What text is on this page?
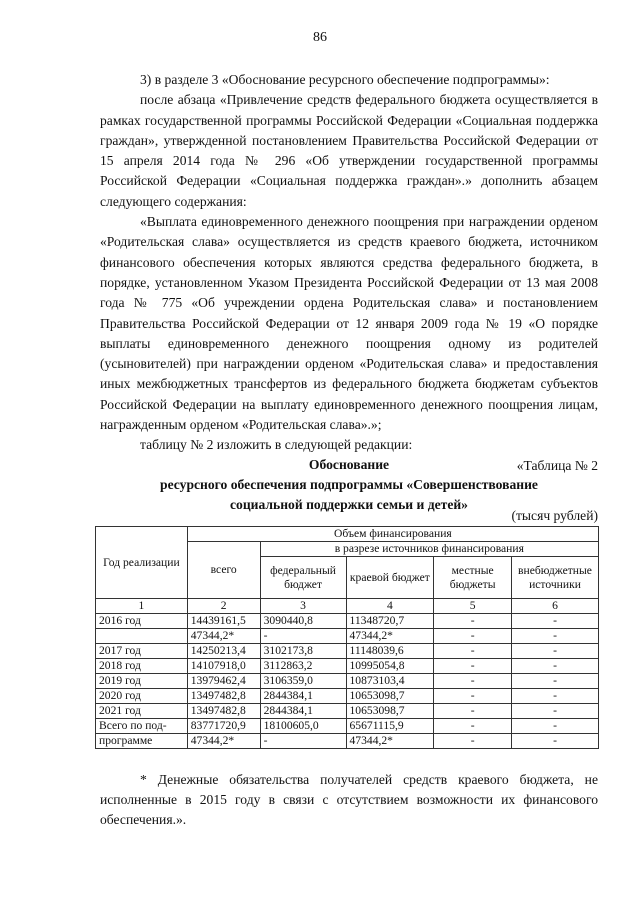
86

3) в разделе 3 «Обоснование ресурсного обеспечение подпрограммы»:

после абзаца «Привлечение средств федерального бюджета осуществляется в рамках государственной программы Российской Федерации «Социальная поддержка граждан», утвержденной постановлением Правительства Российской Федерации от 15 апреля 2014 года № 296 «Об утверждении государственной программы Российской Федерации «Социальная поддержка граждан».» дополнить абзацем следующего содержания:

«Выплата единовременного денежного поощрения при награждении орденом «Родительская слава» осуществляется из средств краевого бюджета, источником финансового обеспечения которых являются средства федерального бюджета, в порядке, установленном Указом Президента Российской Федерации от 13 мая 2008 года № 775 «Об учреждении ордена Родительская слава» и постановлением Правительства Российской Федерации от 12 января 2009 года № 19 «О порядке выплаты единовременного денежного поощрения одному из родителей (усыновителей) при награждении орденом «Родительская слава» и предоставления иных межбюджетных трансфертов из федерального бюджета бюджетам субъектов Российской Федерации на выплату единовременного денежного поощрения лицам, награжденным орденом «Родительская слава».»;

таблицу № 2 изложить в следующей редакции:

«Таблица № 2

Обоснование
ресурсного обеспечения подпрограммы «Совершенствование
социальной поддержки семьи и детей»
(тысяч рублей)
Год реализации	Объем финансирования				
	всего	в разрезе источников финансирования			
		федеральный бюджет	краевой бюджет	местные бюджеты	внебюджетные источники
1	2	3	4	5	6
2016 год	14439161,5	3090440,8	11348720,7	-	-
	47344,2*	-	47344,2*	-	-
2017 год	14250213,4	3102173,8	11148039,6	-	-
2018 год	14107918,0	3112863,2	10995054,8	-	-
2019 год	13979462,4	3106359,0	10873103,4	-	-
2020 год	13497482,8	2844384,1	10653098,7	-	-
2021 год	13497482,8	2844384,1	10653098,7	-	-
Всего по под-	83771720,9	18100605,0	65671115,9	-	-
программе	47344,2*	-	47344,2*	-	-

* Денежные обязательства получателей средств краевого бюджета, не исполненные в 2015 году в связи с отсутствием возможности их финансового обеспечения.».
